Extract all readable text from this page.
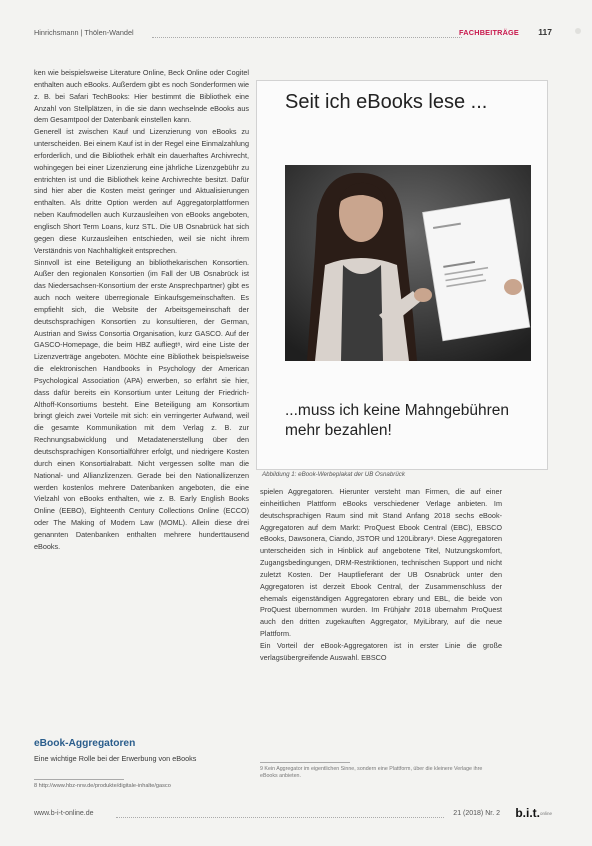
Hinrichsmann | Thölen-Wandel	FACHBEITRÄGE 117

ken wie beispielsweise Literature Online, Beck Online oder Cogitel enthalten auch eBooks. Außerdem gibt es noch Sonderformen wie z. B. bei Safari TechBooks: Hier bestimmt die Bibliothek eine Anzahl von Stellplätzen, in die sie dann wechselnde eBooks aus dem Gesamtpool der Datenbank einstellen kann.

Generell ist zwischen Kauf und Lizenzierung von eBooks zu unterscheiden. Bei einem Kauf ist in der Regel eine Einmalzahlung erforderlich, und die Bibliothek erhält ein dauerhaftes Archivrecht, wohingegen bei einer Lizenzierung eine jährliche Lizenzgebühr zu entrichten ist und die Bibliothek keine Archivrechte besitzt. Dafür sind hier aber die Kosten meist geringer und Aktualisierungen enthalten. Als dritte Option werden auf Aggregatorplattformen neben Kaufmodellen auch Kurzausleihen von eBooks angeboten, englisch Short Term Loans, kurz STL. Die UB Osnabrück hat sich gegen diese Kurzausleihen entschieden, weil sie nicht ihrem Verständnis von Nachhaltigkeit entsprechen.

Sinnvoll ist eine Beteiligung an bibliothekarischen Konsortien. Außer den regionalen Konsortien (im Fall der UB Osnabrück ist das Niedersachsen-Konsortium der erste Ansprechpartner) gibt es auch noch weitere überregionale Einkaufsgemeinschaften. Es empfiehlt sich, die Website der Arbeitsgemeinschaft der deutschsprachigen Konsortien zu konsultieren, der German, Austrian and Swiss Consortia Organisation, kurz GASCO. Auf der GASCO-Homepage, die beim HBZ aufliegt⁸, wird eine Liste der Lizenzverträge angeboten. Möchte eine Bibliothek beispielsweise die elektronischen Handbooks in Psychology der American Psychological Association (APA) erwerben, so erfährt sie hier, dass dafür bereits ein Konsortium unter Leitung der Friedrich-Althoff-Konsortiums besteht. Eine Beteiligung am Konsortium bringt gleich zwei Vorteile mit sich: ein verringerter Aufwand, weil die gesamte Kommunikation mit dem Verlag z. B. zur Rechnungsabwicklung und Metadatenerstellung über den deutschsprachigen Konsortialführer erfolgt, und niedrigere Kosten durch einen Konsortialrabatt. Nicht vergessen sollte man die National- und Allianzlizenzen. Gerade bei den Nationallizenzen werden kostenlos mehrere Datenbanken angeboten, die eine Vielzahl von eBooks enthalten, wie z. B. Early English Books Online (EEBO), Eighteenth Century Collections Online (ECCO) oder The Making of Modern Law (MOML). Allein diese drei genannten Datenbanken enthalten mehrere hunderttausend eBooks.

eBook-Aggregatoren
Eine wichtige Rolle bei der Erwerbung von eBooks
8 http://www.hbz-nrw.de/produkte/digitale-inhalte/gasco
Seit ich eBooks lese ...
...muss ich keine Mahngebühren mehr bezahlen!
Abbildung 1: eBook-Werbeplakat der UB Osnabrück

spielen Aggregatoren. Hierunter versteht man Firmen, die auf einer einheitlichen Plattform eBooks verschiedener Verlage anbieten. Im deutschsprachigen Raum sind mit Stand Anfang 2018 sechs eBook-Aggregatoren auf dem Markt: ProQuest Ebook Central (EBC), EBSCO eBooks, Dawsonera, Ciando, JSTOR und 120Library⁹. Diese Aggregatoren unterscheiden sich in Hinblick auf angebotene Titel, Nutzungskomfort, Zugangsbedingungen, DRM-Restriktionen, technischen Support und nicht zuletzt Kosten. Der Hauptlieferant der UB Osnabrück unter den Aggregatoren ist derzeit Ebook Central, der Zusammenschluss der ehemals eigenständigen Aggregatoren ebrary und EBL, die beide von ProQuest übernommen wurden. Im Frühjahr 2018 übernahm ProQuest auch den dritten zugekauften Aggregator, MyiLibrary, auf die neue Plattform.

Ein Vorteil der eBook-Aggregatoren ist in erster Linie die große verlagsübergreifende Auswahl. EBSCO

9 Kein Aggregator im eigentlichen Sinne, sondern eine Plattform, über die kleinere Verlage ihre eBooks anbieten.
www.b-i-t-online.de	21 (2018) Nr. 2 b.i.t. online
